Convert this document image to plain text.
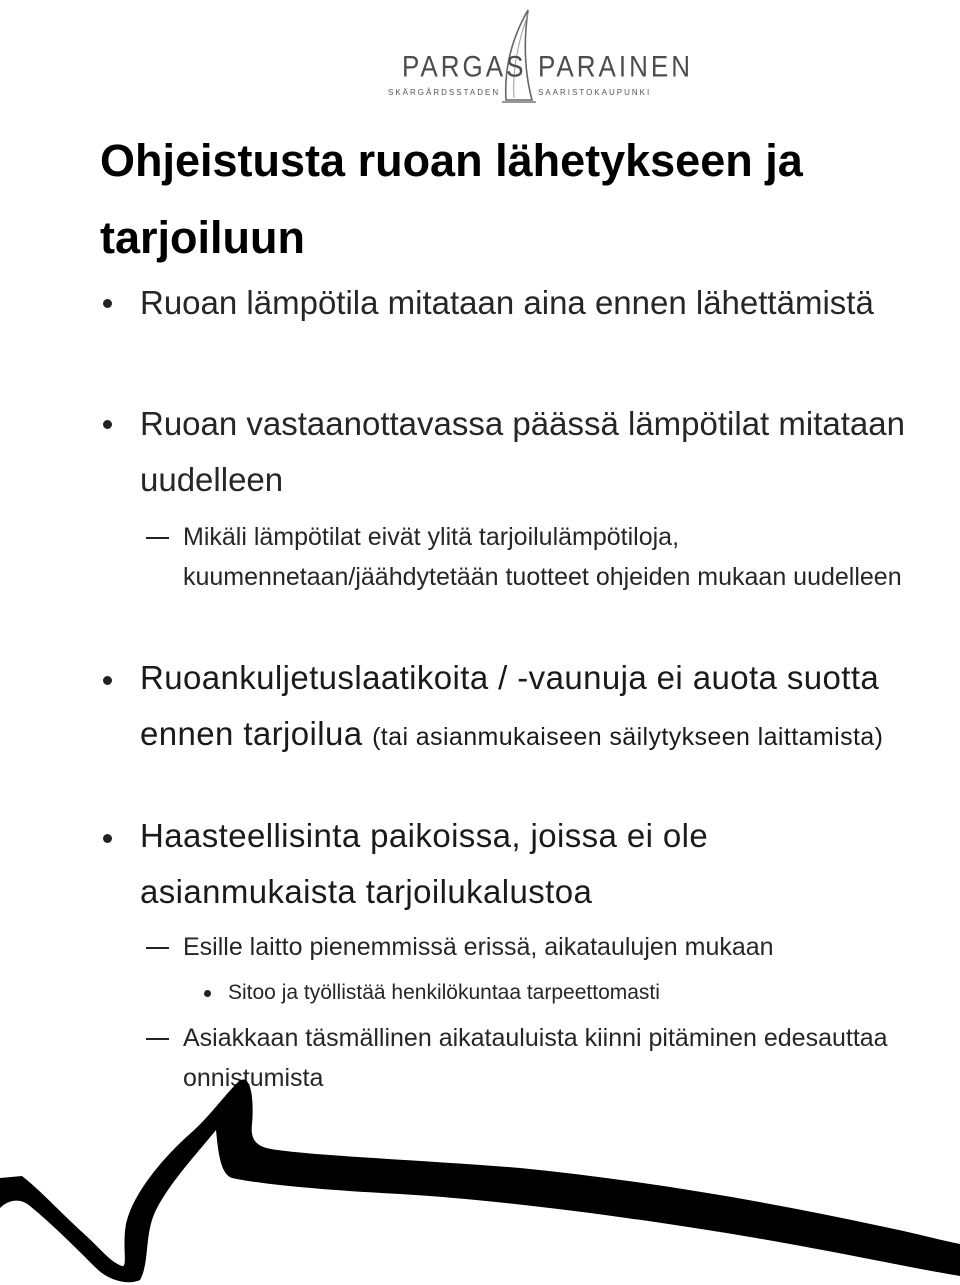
PARGAS PARAINEN
SKÄRGÅRDSSTADEN	SAARISTOKAUPUNKI
Ohjeistusta ruoan lähetykseen ja tarjoiluun

Ruoan lämpötila mitataan aina ennen lähettämistä

Ruoan vastaanottavassa päässä lämpötilat mitataan uudelleen

Mikäli lämpötilat eivät ylitä tarjoilulämpötiloja, kuumennetaan/jäähdytetään tuotteet ohjeiden mukaan uudelleen

Ruoankuljetuslaatikoita / -vaunuja ei auota suotta ennen tarjoilua (tai asianmukaiseen säilytykseen laittamista)

Haasteellisinta paikoissa, joissa ei ole asianmukaista tarjoilukalustoa

Esille laitto pienemmissä erissä, aikataulujen mukaan

Sitoo ja työllistää henkilökuntaa tarpeettomasti

Asiakkaan täsmällinen aikatauluista kiinni pitäminen edesauttaa onnistumista
